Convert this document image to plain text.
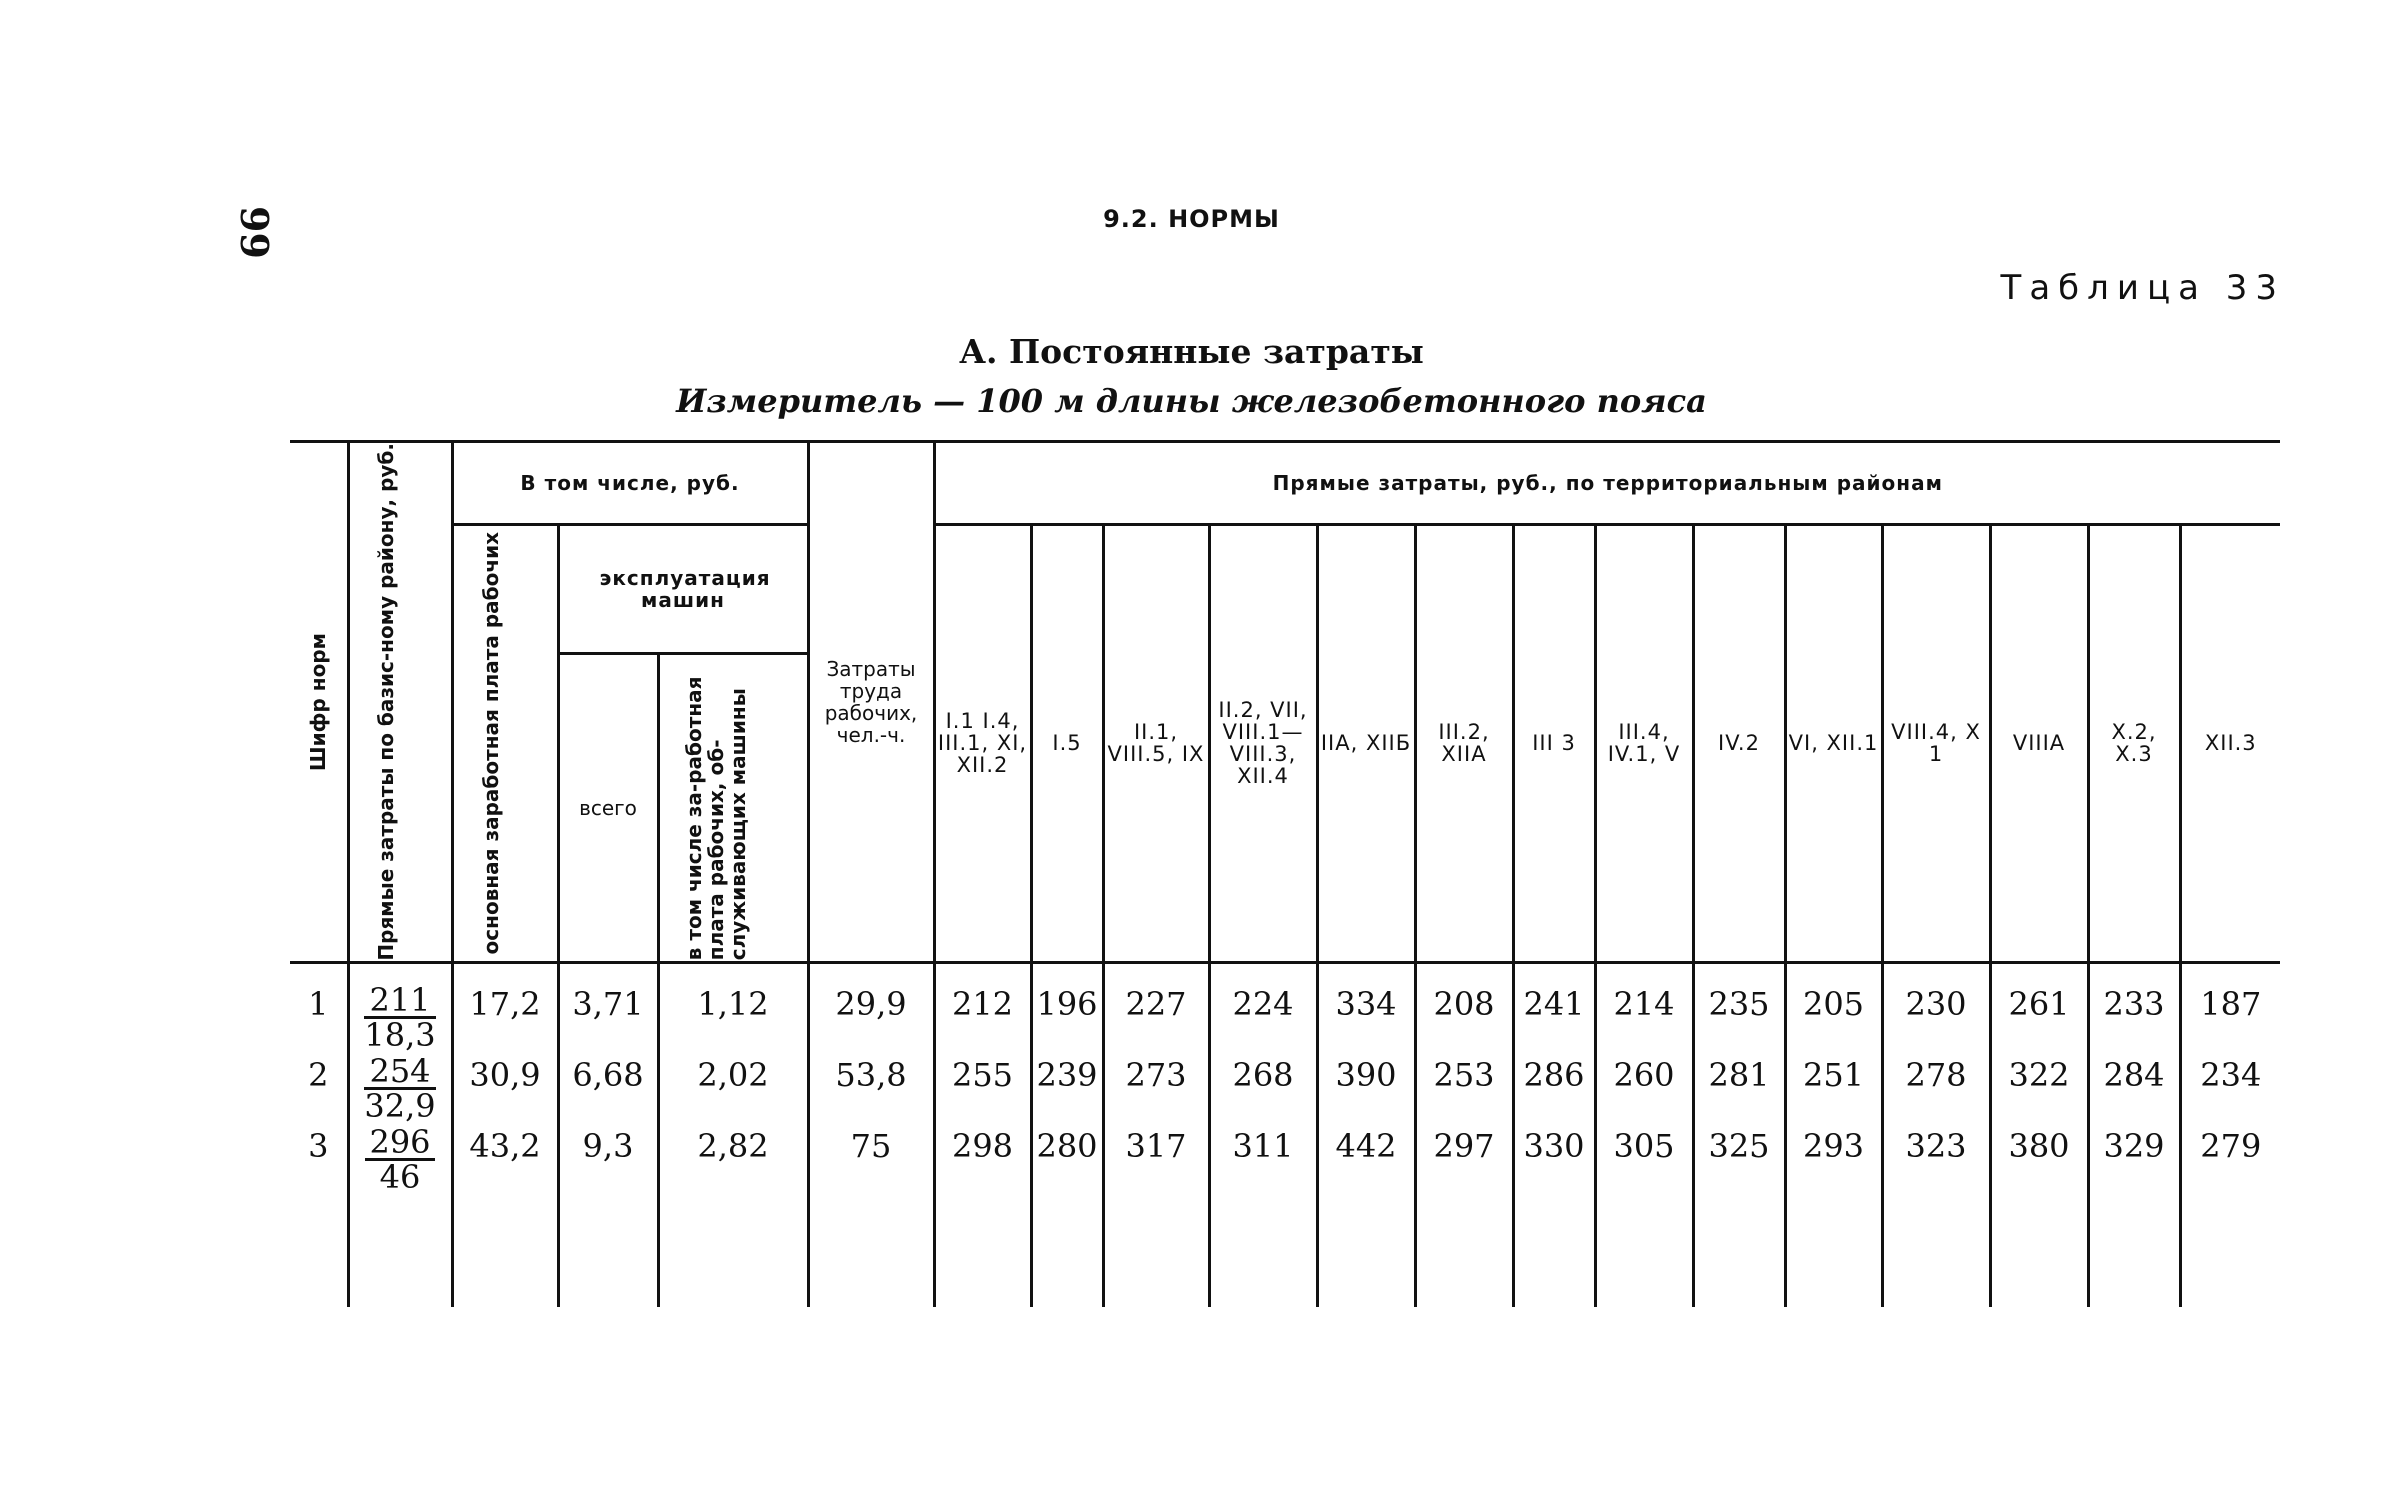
99	9.2. НОРМЫ
Таблица 33
А. Постоянные затраты
Измеритель — 100 м длины железобетонного пояса
Шифр норм	Прямые затраты по базис-ному району, руб.	В том числе, руб.			Затраты труда рабочих, чел.-ч.	Прямые затраты, руб., по территориальным районам													

		основная заработная плата рабочих	эксплуатация машин			I.1 I.4, III.1, XI, XII.2	I.5	II.1, VIII.5, IX	II.2, VII, VIII.1— VIII.3, XII.4	IIA, XIIБ	III.2, XIIA	III 3	III.4, IV.1, V	IV.2	VI, XII.1	VIII.4, X 1	VIIIA	X.2, X.3	XII.3
			всего	в том числе за-работная плата рабочих, об-служивающих машины															

1	$\frac{211}{18,3}$	17,2	3,71	1,12	29,9	212	196	227	224	334	208	241	214	235	205	230	261	233	187
2	$\frac{254}{32,9}$	30,9	6,68	2,02	53,8	255	239	273	268	390	253	286	260	281	251	278	322	284	234
3	$\frac{296}{46}$	43,2	9,3	2,82	75	298	280	317	311	442	297	330	305	325	293	323	380	329	279
